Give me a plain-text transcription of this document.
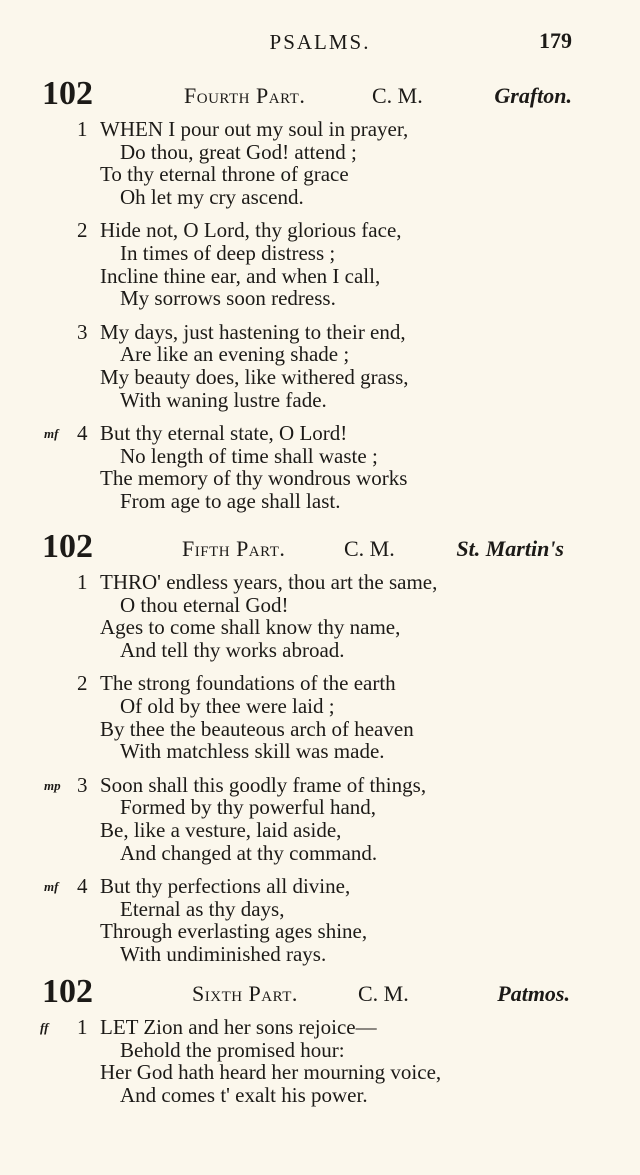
PSALMS.	179
102	Fourth Part.	C. M.	Grafton.
1 WHEN I pour out my soul in prayer,
Do thou, great God! attend ;
To thy eternal throne of grace
Oh let my cry ascend.
2 Hide not, O Lord, thy glorious face,
In times of deep distress ;
Incline thine ear, and when I call,
My sorrows soon redress.
3 My days, just hastening to their end,
Are like an evening shade ;
My beauty does, like withered grass,
With waning lustre fade.
mf 4 But thy eternal state, O Lord!
No length of time shall waste ;
The memory of thy wondrous works
From age to age shall last.
102	Fifth Part.	C. M.	St. Martin's
1 THRO' endless years, thou art the same,
O thou eternal God!
Ages to come shall know thy name,
And tell thy works abroad.
2 The strong foundations of the earth
Of old by thee were laid ;
By thee the beauteous arch of heaven
With matchless skill was made.
mp 3 Soon shall this goodly frame of things,
Formed by thy powerful hand,
Be, like a vesture, laid aside,
And changed at thy command.
mf 4 But thy perfections all divine,
Eternal as thy days,
Through everlasting ages shine,
With undiminished rays.
102	Sixth Part.	C. M.	Patmos.
ff 1 LET Zion and her sons rejoice—
Behold the promised hour:
Her God hath heard her mourning voice,
And comes t' exalt his power.
